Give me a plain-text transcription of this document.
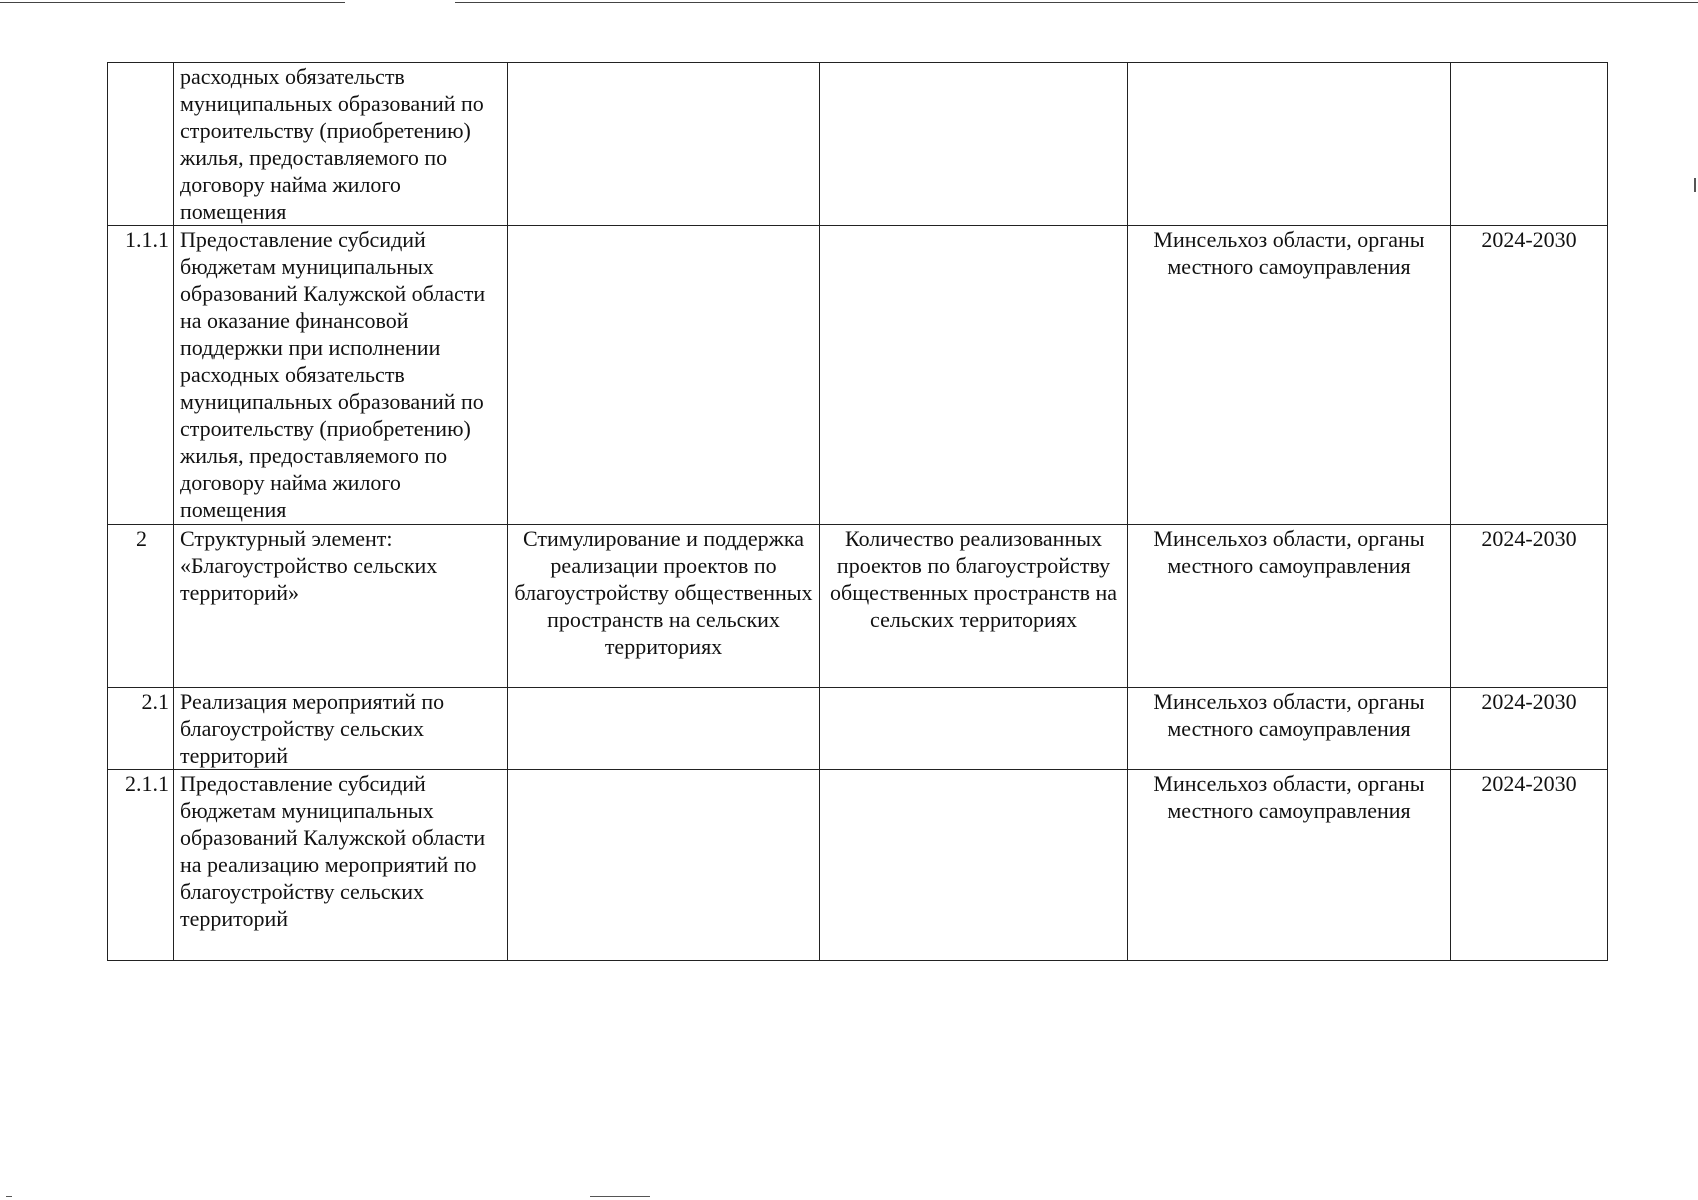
	расходных обязательств муниципальных образований по строительству (приобретению) жилья, предоставляемого по договору найма жилого помещения				
1.1.1	Предоставление субсидий бюджетам муниципальных образований Калужской области на оказание финансовой поддержки при исполнении расходных обязательств муниципальных образований по строительству (приобретению) жилья, предоставляемого по договору найма жилого помещения			Минсельхоз области, органы местного самоуправления	2024-2030
2	Структурный элемент: «Благоустройство сельских территорий»	Стимулирование и поддержка реализации проектов по благоустройству общественных пространств на сельских территориях	Количество реализованных проектов по благоустройству общественных пространств на сельских территориях	Минсельхоз области, органы местного самоуправления	2024-2030
2.1	Реализация мероприятий по благоустройству сельских территорий			Минсельхоз области, органы местного самоуправления	2024-2030
2.1.1	Предоставление субсидий бюджетам муниципальных образований Калужской области на реализацию мероприятий по благоустройству сельских территорий			Минсельхоз области, органы местного самоуправления	2024-2030
